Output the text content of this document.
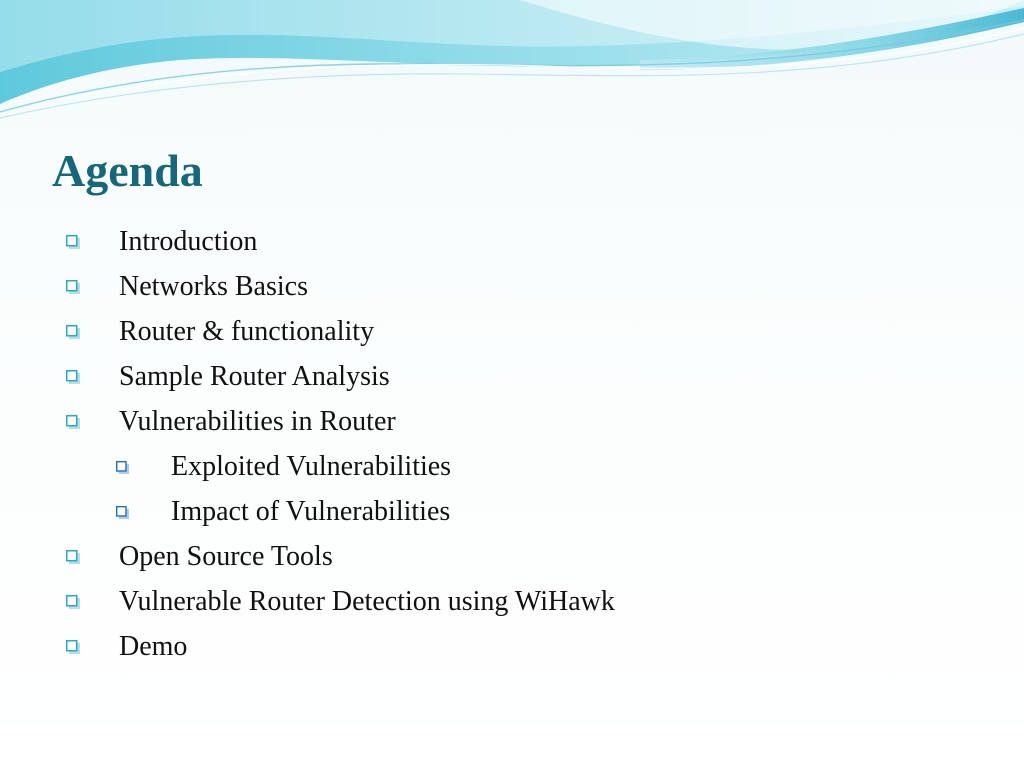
Agenda
Introduction
Networks Basics
Router & functionality
Sample Router Analysis
Vulnerabilities in Router
Exploited Vulnerabilities
Impact of Vulnerabilities
Open Source Tools
Vulnerable Router Detection using WiHawk
Demo
